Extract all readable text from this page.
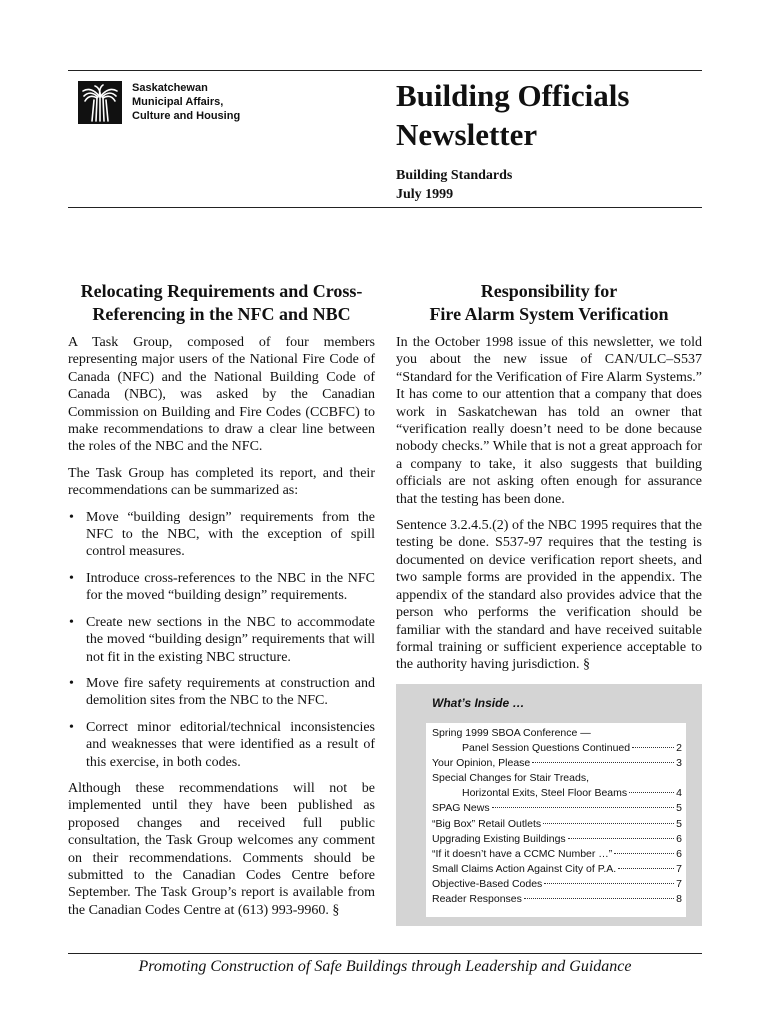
Saskatchewan
Municipal Affairs,
Culture and Housing
Building Officials
Newsletter
Building Standards
July 1999
Relocating Requirements and Cross-
Referencing in the NFC and NBC

A Task Group, composed of four members representing major users of the National Fire Code of Canada (NFC) and the National Building Code of Canada (NBC), was asked by the Canadian Commission on Building and Fire Codes (CCBFC) to make recommendations to draw a clear line between the roles of the NBC and the NFC.

The Task Group has completed its report, and their recommendations can be summarized as:

• Move “building design” requirements from the NFC to the NBC, with the exception of spill control measures.
• Introduce cross-references to the NBC in the NFC for the moved “building design” requirements.
• Create new sections in the NBC to accommodate the moved “building design” requirements that will not fit in the existing NBC structure.
• Move fire safety requirements at construction and demolition sites from the NBC to the NFC.
• Correct minor editorial/technical inconsistencies and weaknesses that were identified as a result of this exercise, in both codes.

Although these recommendations will not be implemented until they have been published as proposed changes and received full public consultation, the Task Group welcomes any comment on their recommendations. Comments should be submitted to the Canadian Codes Centre before September. The Task Group’s report is available from the Canadian Codes Centre at (613) 993-9960. §

Responsibility for
Fire Alarm System Verification

In the October 1998 issue of this newsletter, we told you about the new issue of CAN/ULC–S537 “Standard for the Verification of Fire Alarm Systems.” It has come to our attention that a company that does work in Saskatchewan has told an owner that “verification really doesn’t need to be done because nobody checks.” While that is not a great approach for a company to take, it also suggests that building officials are not asking often enough for assurance that the testing has been done.

Sentence 3.2.4.5.(2) of the NBC 1995 requires that the testing be done. S537-97 requires that the testing is documented on device verification report sheets, and two sample forms are provided in the appendix. The appendix of the standard also provides advice that the person who performs the verification should be familiar with the standard and have received suitable formal training or sufficient experience acceptable to the authority having jurisdiction. §

What’s Inside …
Spring 1999 SBOA Conference —
Panel Session Questions Continued	2
Your Opinion, Please	3
Special Changes for Stair Treads,
Horizontal Exits, Steel Floor Beams	4
SPAG News	5
“Big Box” Retail Outlets	5
Upgrading Existing Buildings	6
“If it doesn’t have a CCMC Number …”	6
Small Claims Action Against City of P.A.	7
Objective-Based Codes	7
Reader Responses	8
Promoting Construction of Safe Buildings through Leadership and Guidance
